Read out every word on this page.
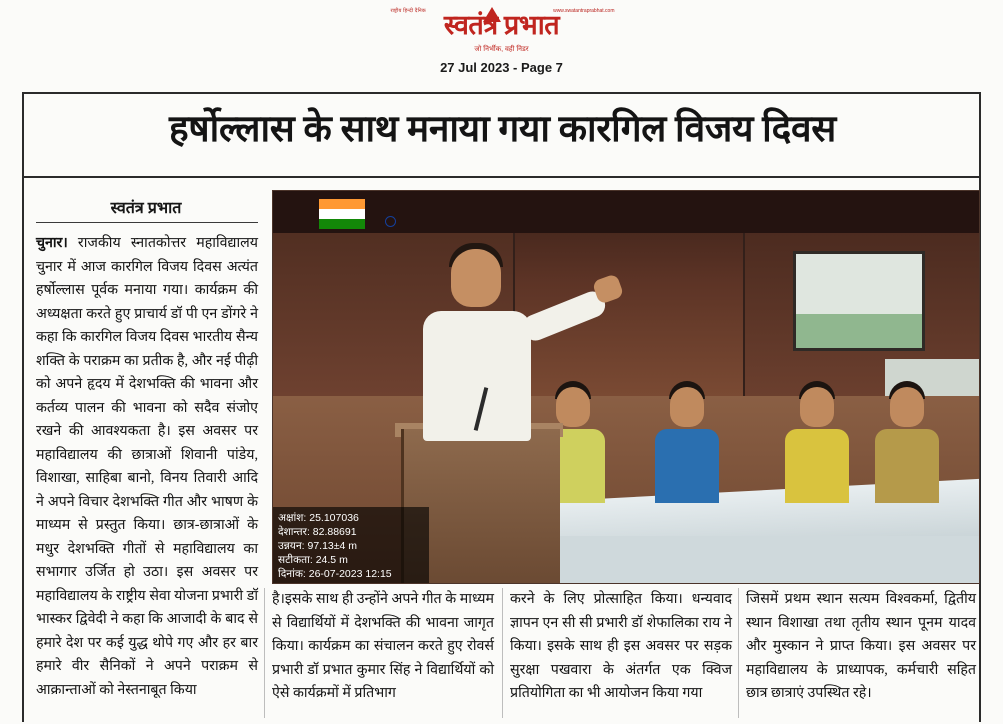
राष्ट्रीय हिन्दी दैनिक	www.swatantraprabhat.com
स्वतंत्र प्रभात
जो निर्भीक, वही निडर
27 Jul 2023 - Page 7
हर्षोल्लास के साथ मनाया गया कारगिल विजय दिवस
स्वतंत्र प्रभात
अक्षांश: 25.107036
देशान्तर: 82.88691
उन्नयन: 97.13±4 m
सटीकता: 24.5 m
दिनांक: 26-07-2023 12:15

चुनार। राजकीय स्नातकोत्तर महाविद्यालय चुनार में आज कारगिल विजय दिवस अत्यंत हर्षोल्लास पूर्वक मनाया गया। कार्यक्रम की अध्यक्षता करते हुए प्राचार्य डॉ पी एन डोंगरे ने कहा कि कारगिल विजय दिवस भारतीय सैन्य शक्ति के पराक्रम का प्रतीक है, और नई पीढ़ी को अपने हृदय में देशभक्ति की भावना और कर्तव्य पालन की भावना को सदैव संजोए रखने की आवश्यकता है। इस अवसर पर महाविद्यालय की छात्राओं शिवानी पांडेय, विशाखा, साहिबा बानो, विनय तिवारी आदि ने अपने विचार देशभक्ति गीत और भाषण के माध्यम से प्रस्तुत किया। छात्र-छात्राओं के मधुर देशभक्ति गीतों से महाविद्यालय का सभागार उर्जित हो उठा। इस अवसर पर महाविद्यालय के राष्ट्रीय सेवा योजना प्रभारी डॉ भास्कर द्विवेदी ने कहा कि आजादी के बाद से हमारे देश पर कई युद्ध थोपे गए और हर बार हमारे वीर सैनिकों ने अपने पराक्रम से आक्रान्ताओं को नेस्तनाबूत किया

है।इसके साथ ही उन्होंने अपने गीत के माध्यम से विद्यार्थियों में देशभक्ति की भावना जागृत किया। कार्यक्रम का संचालन करते हुए रोवर्स प्रभारी डॉ प्रभात कुमार सिंह ने विद्यार्थियों को ऐसे कार्यक्रमों में प्रतिभाग

करने के लिए प्रोत्साहित किया। धन्यवाद ज्ञापन एन सी सी प्रभारी डॉ शेफालिका राय ने किया। इसके साथ ही इस अवसर पर सड़क सुरक्षा पखवारा के अंतर्गत एक क्विज प्रतियोगिता का भी आयोजन किया गया

जिसमें प्रथम स्थान सत्यम विश्वकर्मा, द्वितीय स्थान विशाखा तथा तृतीय स्थान पूनम यादव और मुस्कान ने प्राप्त किया। इस अवसर पर महाविद्यालय के प्राध्यापक, कर्मचारी सहित छात्र छात्राएं उपस्थित रहे।
